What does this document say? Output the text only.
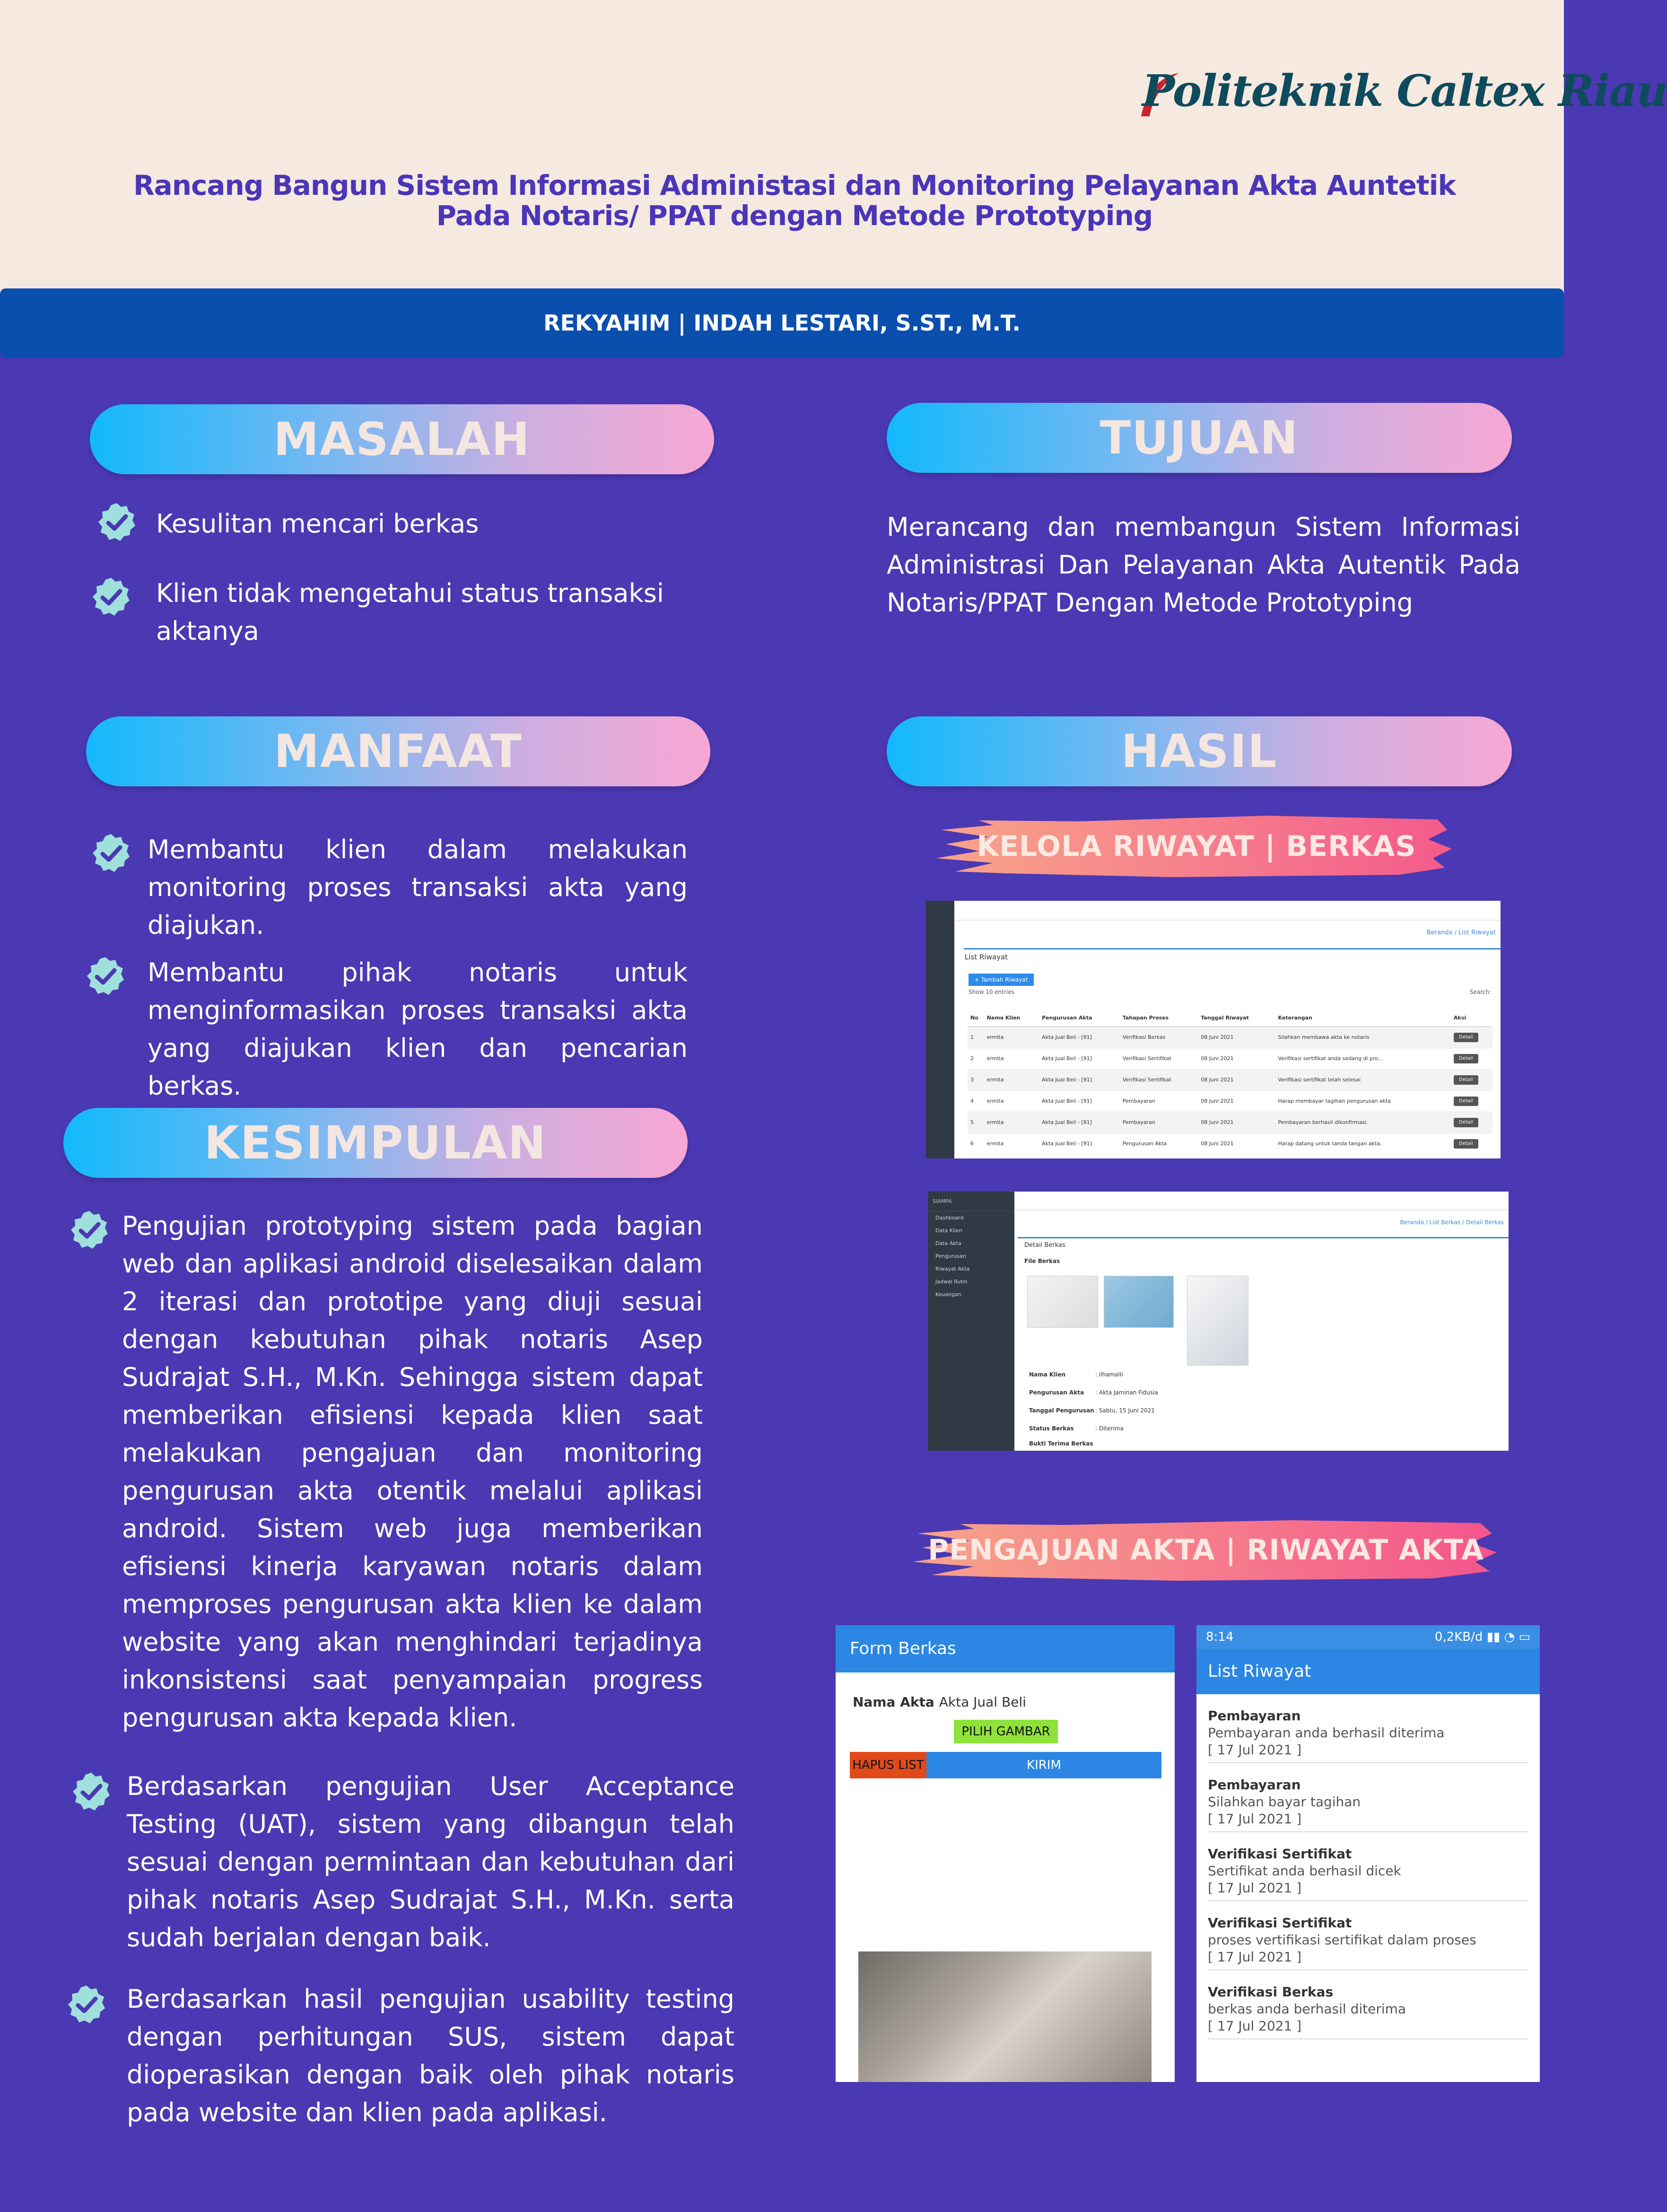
Politeknik Caltex Riau
Rancang Bangun Sistem Informasi Administasi dan Monitoring Pelayanan Akta Auntetik
Pada Notaris/ PPAT dengan Metode Prototyping
REKYAHIM | INDAH LESTARI, S.ST., M.T.
MASALAH
Kesulitan mencari berkas
Klien tidak mengetahui status transaksi aktanya
TUJUAN
Merancang dan membangun Sistem Informasi Administrasi Dan Pelayanan Akta Autentik Pada Notaris/PPAT Dengan Metode Prototyping
MANFAAT
Membantu klien dalam melakukan monitoring proses transaksi akta yang diajukan.
Membantu pihak notaris untuk menginformasikan proses transaksi akta yang diajukan klien dan pencarian berkas.
HASIL
KELOLA RIWAYAT | BERKAS
Beranda / List Riwayat
List Riwayat
+ Tambah Riwayat
Show 10 entries	Search:
No	Nama Klien	Pengurusan Akta	Tahapan Proses	Tanggal Riwayat	Keterangan	Aksi
1	ermita	Akta Jual Beli - [91]	Verifikasi Berkas	08 Juni 2021	Silahkan membawa akta ke notaris	Detail
2	ermita	Akta Jual Beli - [91]	Verifikasi Sertifikat	08 Juni 2021	Verifikasi sertifikat anda sedang di pro...	Detail
3	ermita	Akta Jual Beli - [91]	Verifikasi Sertifikat	08 Juni 2021	Verifikasi sertifikat telah selesai	Detail
4	ermita	Akta Jual Beli - [91]	Pembayaran	08 Juni 2021	Harap membayar tagihan pengurusan akta	Detail
5	ermita	Akta Jual Beli - [91]	Pembayaran	08 Juni 2021	Pembayaran berhasil dikonfirmasi.	Detail
6	ermita	Akta Jual Beli - [91]	Pengurusan Akta	08 Juni 2021	Harap datang untuk tanda tangan akta.	Detail
SIAMPA
Dashboard
Data Klien
Data Akta
Pengurusan
Riwayat Akta
Jadwal Rutin
Keuangan
Beranda / List Berkas / Detail Berkas
Detail Berkas
File Berkas
Nama Klien	: ilhamalli
Pengurusan Akta : Akta Jaminan Fidusia
Tanggal Pengurusan : Sabtu, 15 Juni 2021
Status Berkas	: Diterima
Bukti Terima Berkas
PENGAJUAN AKTA | RIWAYAT AKTA
Form Berkas
Nama Akta Akta Jual Beli
PILIH GAMBAR
HAPUS LIST	KIRIM
8:14	0,2KB/d ▮▮ ◔ ▭
List Riwayat
Pembayaran
Pembayaran anda berhasil diterima
[ 17 Jul 2021 ]
Pembayaran
Silahkan bayar tagihan
[ 17 Jul 2021 ]
Verifikasi Sertifikat
Sertifikat anda berhasil dicek
[ 17 Jul 2021 ]
Verifikasi Sertifikat
proses vertifikasi sertifikat dalam proses
[ 17 Jul 2021 ]
Verifikasi Berkas
berkas anda berhasil diterima
[ 17 Jul 2021 ]
KESIMPULAN
Pengujian prototyping sistem pada bagian web dan aplikasi android diselesaikan dalam 2 iterasi dan prototipe yang diuji sesuai dengan kebutuhan pihak notaris Asep Sudrajat S.H., M.Kn. Sehingga sistem dapat memberikan efisiensi kepada klien saat melakukan pengajuan dan monitoring pengurusan akta otentik melalui aplikasi android. Sistem web juga memberikan efisiensi kinerja karyawan notaris dalam memproses pengurusan akta klien ke dalam website yang akan menghindari terjadinya inkonsistensi saat penyampaian progress pengurusan akta kepada klien.
Berdasarkan pengujian User Acceptance Testing (UAT), sistem yang dibangun telah sesuai dengan permintaan dan kebutuhan dari pihak notaris Asep Sudrajat S.H., M.Kn. serta sudah berjalan dengan baik.
Berdasarkan hasil pengujian usability testing dengan perhitungan SUS, sistem dapat dioperasikan dengan baik oleh pihak notaris pada website dan klien pada aplikasi.
